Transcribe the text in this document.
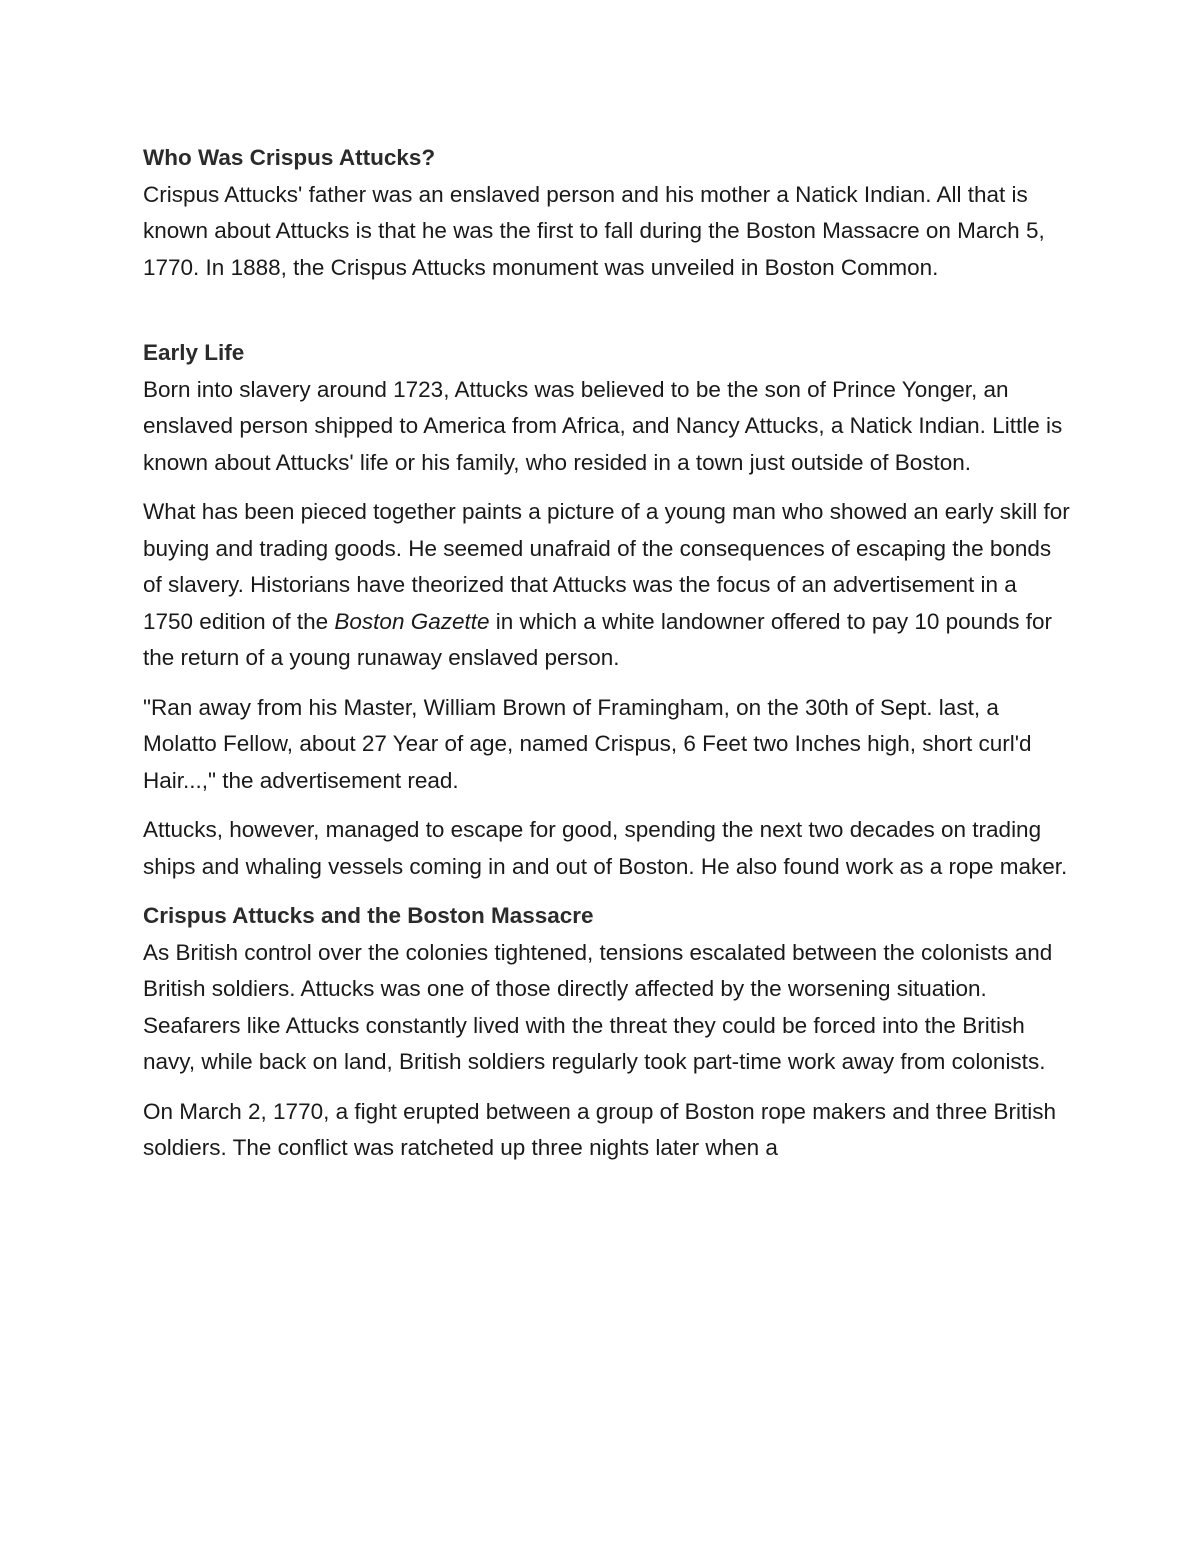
Who Was Crispus Attucks?

Crispus Attucks' father was an enslaved person and his mother a Natick Indian. All that is known about Attucks is that he was the first to fall during the Boston Massacre on March 5, 1770. In 1888, the Crispus Attucks monument was unveiled in Boston Common.

Early Life

Born into slavery around 1723, Attucks was believed to be the son of Prince Yonger, an enslaved person shipped to America from Africa, and Nancy Attucks, a Natick Indian. Little is known about Attucks' life or his family, who resided in a town just outside of Boston.

What has been pieced together paints a picture of a young man who showed an early skill for buying and trading goods. He seemed unafraid of the consequences of escaping the bonds of slavery. Historians have theorized that Attucks was the focus of an advertisement in a 1750 edition of the Boston Gazette in which a white landowner offered to pay 10 pounds for the return of a young runaway enslaved person.

"Ran away from his Master, William Brown of Framingham, on the 30th of Sept. last, a Molatto Fellow, about 27 Year of age, named Crispus, 6 Feet two Inches high, short curl'd Hair...," the advertisement read.

Attucks, however, managed to escape for good, spending the next two decades on trading ships and whaling vessels coming in and out of Boston. He also found work as a rope maker.

Crispus Attucks and the Boston Massacre

As British control over the colonies tightened, tensions escalated between the colonists and British soldiers. Attucks was one of those directly affected by the worsening situation. Seafarers like Attucks constantly lived with the threat they could be forced into the British navy, while back on land, British soldiers regularly took part-time work away from colonists.

On March 2, 1770, a fight erupted between a group of Boston rope makers and three British soldiers. The conflict was ratcheted up three nights later when a
